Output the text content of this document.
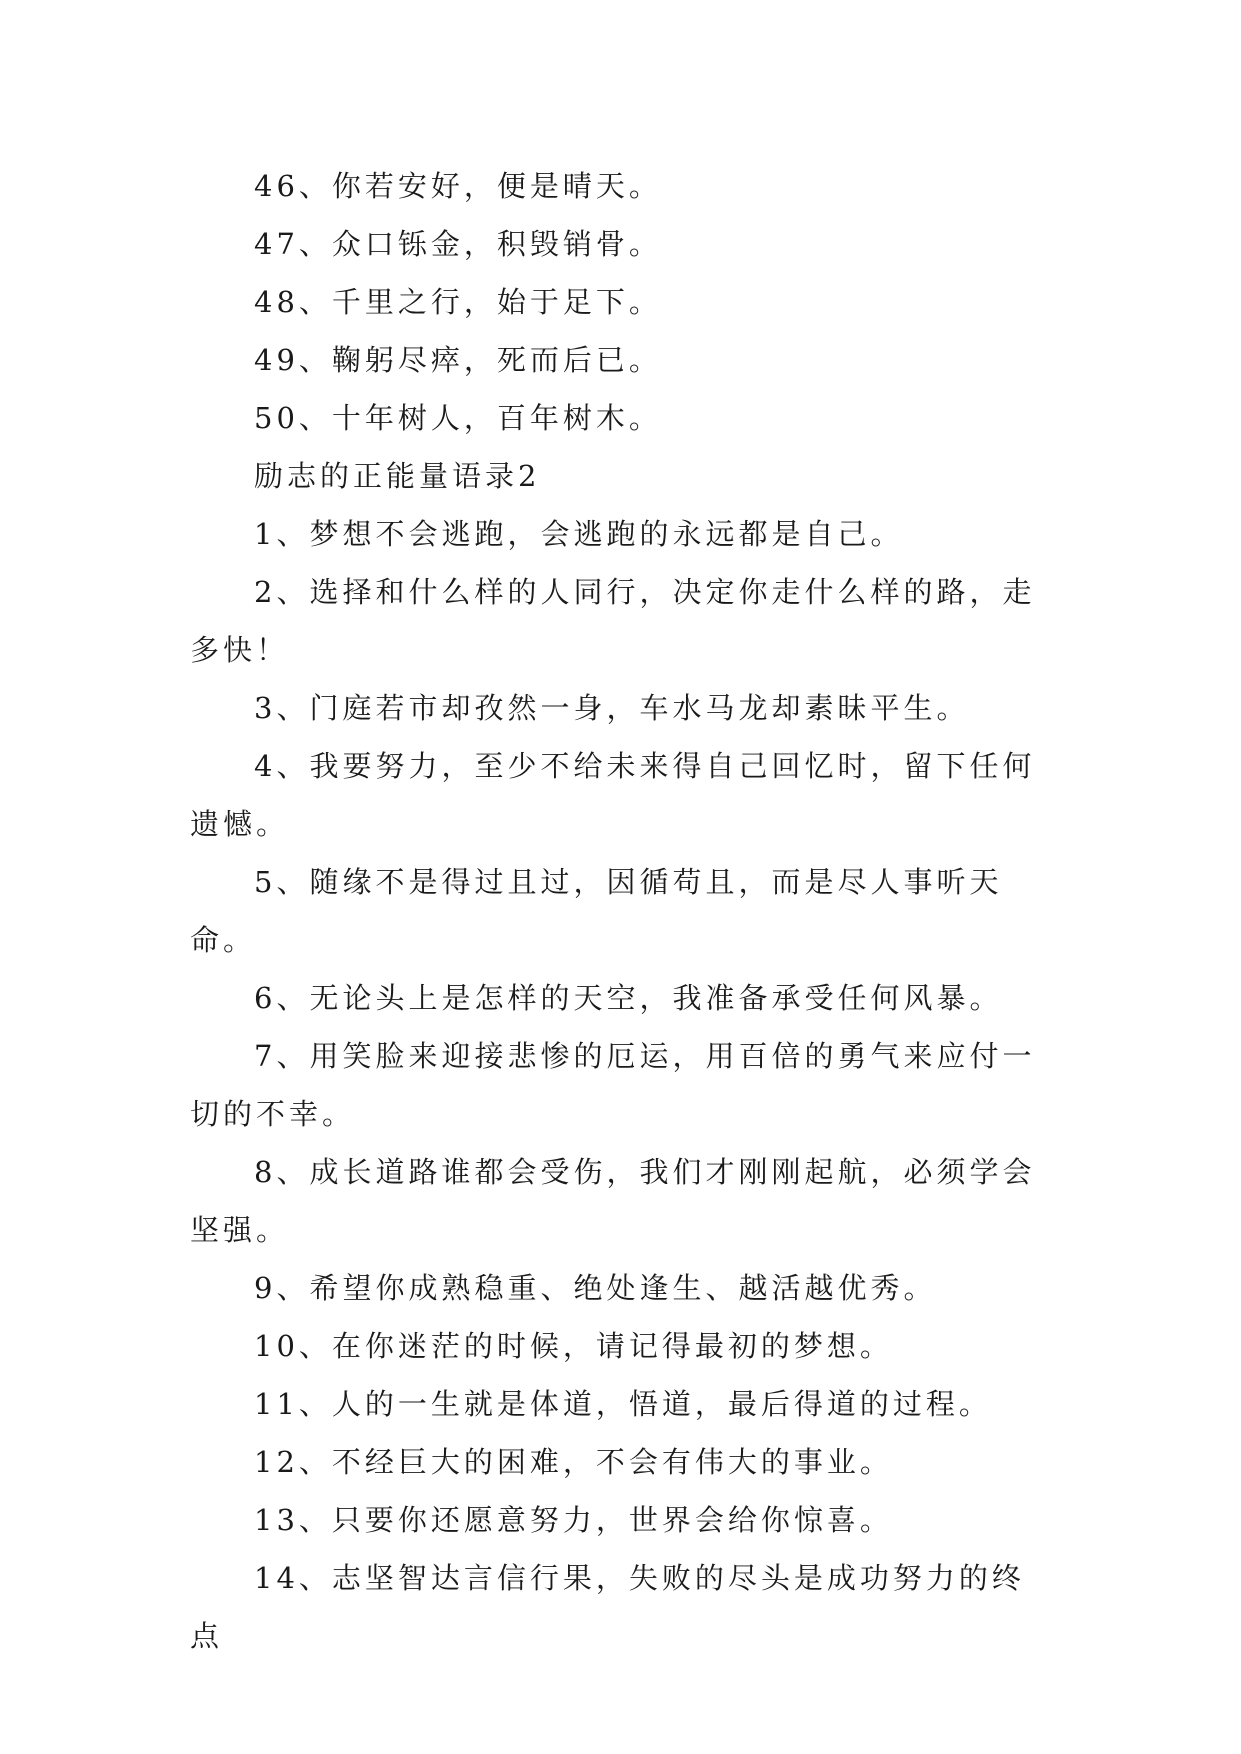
46、你若安好，便是晴天。

47、众口铄金，积毁销骨。

48、千里之行，始于足下。

49、鞠躬尽瘁，死而后已。

50、十年树人，百年树木。

励志的正能量语录2

1、梦想不会逃跑，会逃跑的永远都是自己。

2、选择和什么样的人同行，决定你走什么样的路，走多快！

3、门庭若市却孜然一身，车水马龙却素昧平生。

4、我要努力，至少不给未来得自己回忆时，留下任何遗憾。

5、随缘不是得过且过，因循苟且，而是尽人事听天命。

6、无论头上是怎样的天空，我准备承受任何风暴。

7、用笑脸来迎接悲惨的厄运，用百倍的勇气来应付一切的不幸。

8、成长道路谁都会受伤，我们才刚刚起航，必须学会坚强。

9、希望你成熟稳重、绝处逢生、越活越优秀。

10、在你迷茫的时候，请记得最初的梦想。

11、人的一生就是体道，悟道，最后得道的过程。

12、不经巨大的困难，不会有伟大的事业。

13、只要你还愿意努力，世界会给你惊喜。

14、志坚智达言信行果，失败的尽头是成功努力的终点
